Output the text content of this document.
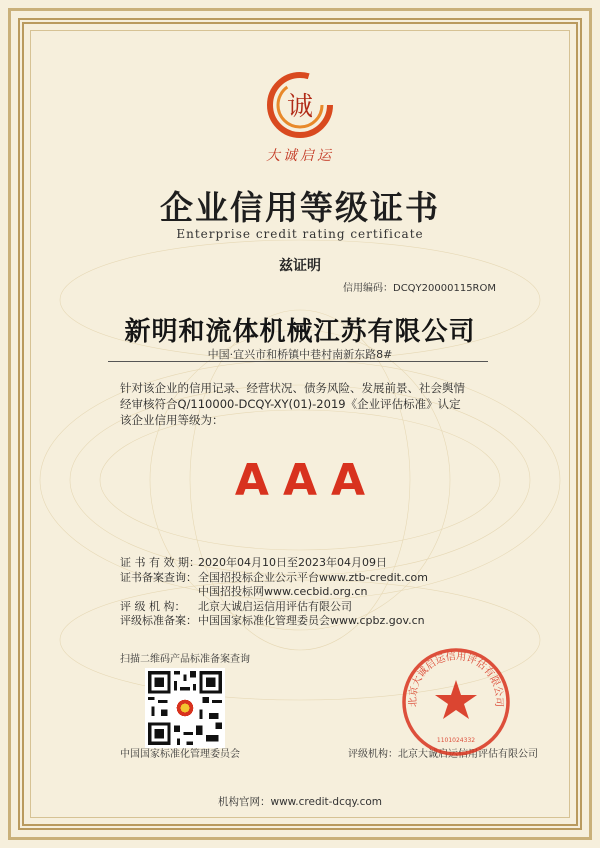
诚
大诚启运
企业信用等级证书
Enterprise credit rating certificate
兹证明
信用编码：DCQY20000115ROM
新明和流体机械江苏有限公司
中国·宜兴市和桥镇中巷村南新东路8#
针对该企业的信用记录、经营状况、债务风险、发展前景、社会舆情
经审核符合Q/110000-DCQY-XY(01)-2019《企业评估标准》认定
该企业信用等级为：
AAA
证 书 有 效 期：2020年04月10日至2023年04月09日
证书备案查询：全国招投标企业公示平台www.ztb-credit.com
中国招投标网www.cecbid.org.cn
评 级 机 构： 北京大诚启运信用评估有限公司
评级标准备案：中国国家标准化管理委员会www.cpbz.gov.cn
扫描二维码产品标准备案查询
中国国家标准化管理委员会	评级机构：北京大诚启运信用评估有限公司
北京大诚启运信用评估有限公司
1101024332
机构官网：www.credit-dcqy.com
